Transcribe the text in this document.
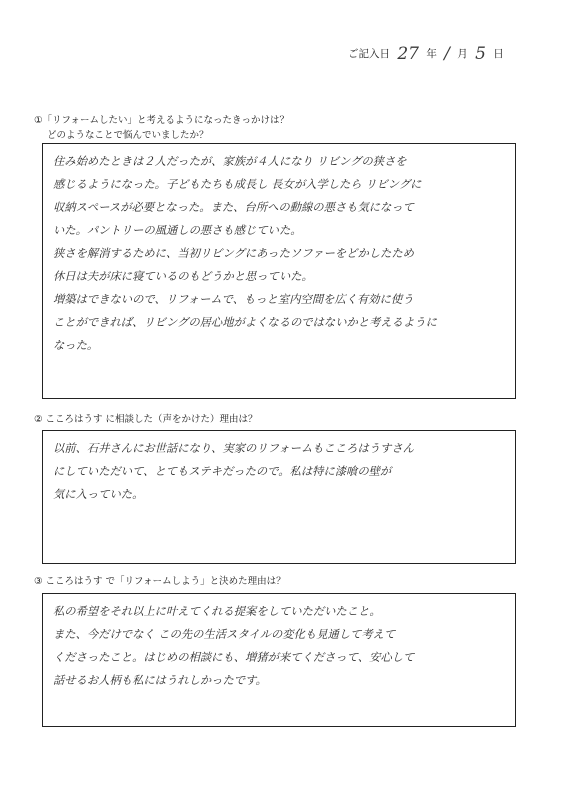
ご記入日 27 年 / 月 5 日
①「リフォームしたい」と考えるようになったきっかけは？
どのようなことで悩んでいましたか？
住み始めたときは２人だったが、家族が４人になり リビングの狭さを
感じるようになった。子どもたちも成長し 長女が入学したら リビングに
収納スペースが必要となった。また、台所への動線の悪さも気になって
いた。パントリーの風通しの悪さも感じていた。
狭さを解消するために、当初リビングにあったソファーをどかしたため
休日は夫が床に寝ているのもどうかと思っていた。
増築はできないので、リフォームで、もっと室内空間を広く有効に使う
ことができれば、リビングの居心地がよくなるのではないかと考えるように
なった。
② こころはうす に相談した（声をかけた）理由は？
以前、石井さんにお世話になり、実家のリフォームもこころはうすさん
にしていただいて、とてもステキだったので。私は特に漆喰の壁が
気に入っていた。
③ こころはうす で「リフォームしよう」と決めた理由は？
私の希望をそれ以上に叶えてくれる提案をしていただいたこと。
また、今だけでなく この先の生活スタイルの変化も見通して考えて
くださったこと。はじめの相談にも、増猪が来てくださって、安心して
話せるお人柄も私にはうれしかったです。
